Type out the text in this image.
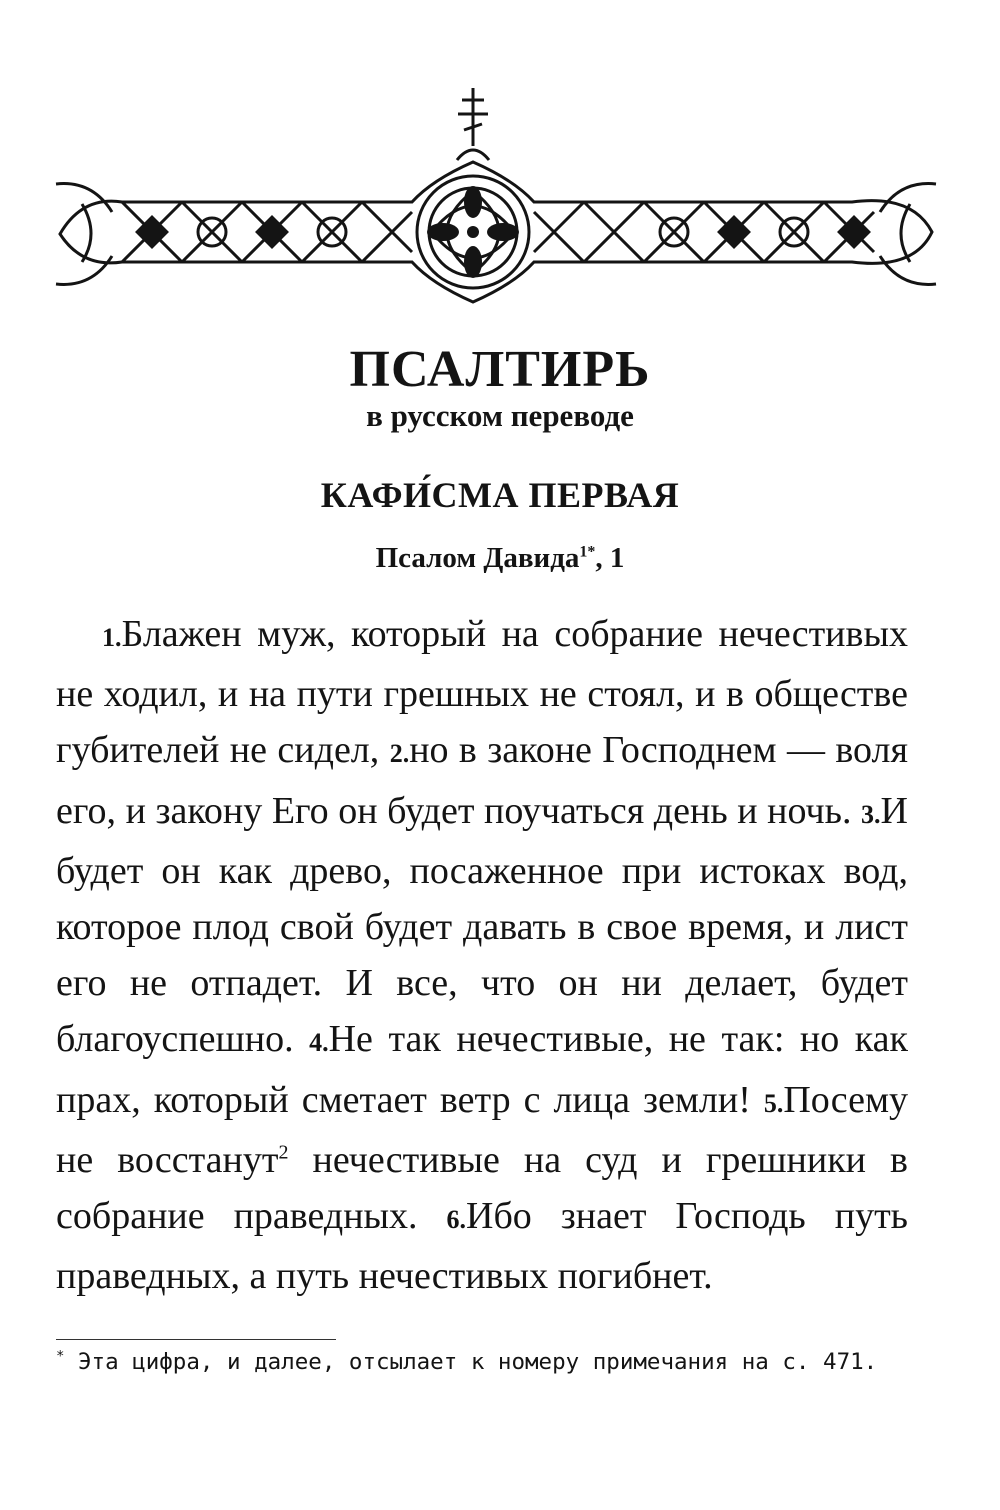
ПСАЛТИРЬ
в русском переводе
КАФИ́СМА ПЕРВАЯ
Псалом Давида$^{1*}$, 1

1.Блажен муж, который на собрание нечестивых не ходил, и на пути грешных не стоял, и в обществе губителей не сидел, 2.но в законе Господнем — воля его, и закону Его он будет поучаться день и ночь. 3.И будет он как древо, посаженное при истоках вод, которое плод свой будет давать в свое время, и лист его не отпадет. И все, что он ни делает, будет благоуспешно. 4.Не так нечестивые, не так: но как прах, который сметает ветр с лица земли! 5.Посему не восстанут$^2$ нечестивые на суд и грешники в собрание праведных. 6.Ибо знает Господь путь праведных, а путь нечестивых погибнет.

* Эта цифра, и далее, отсылает к номеру примечания на с. 471.
